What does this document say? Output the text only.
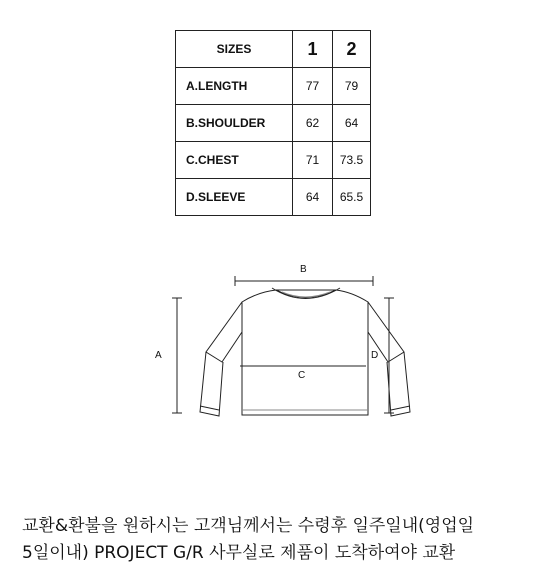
SIZES	1	2
A.LENGTH	77	79
B.SHOULDER	62	64
C.CHEST	71	73.5
D.SLEEVE	64	65.5
B
A	D
C
교환&환불을 원하시는 고객님께서는 수령후 일주일내(영업일
5일이내) PROJECT G/R 사무실로 제품이 도착하여야 교환
